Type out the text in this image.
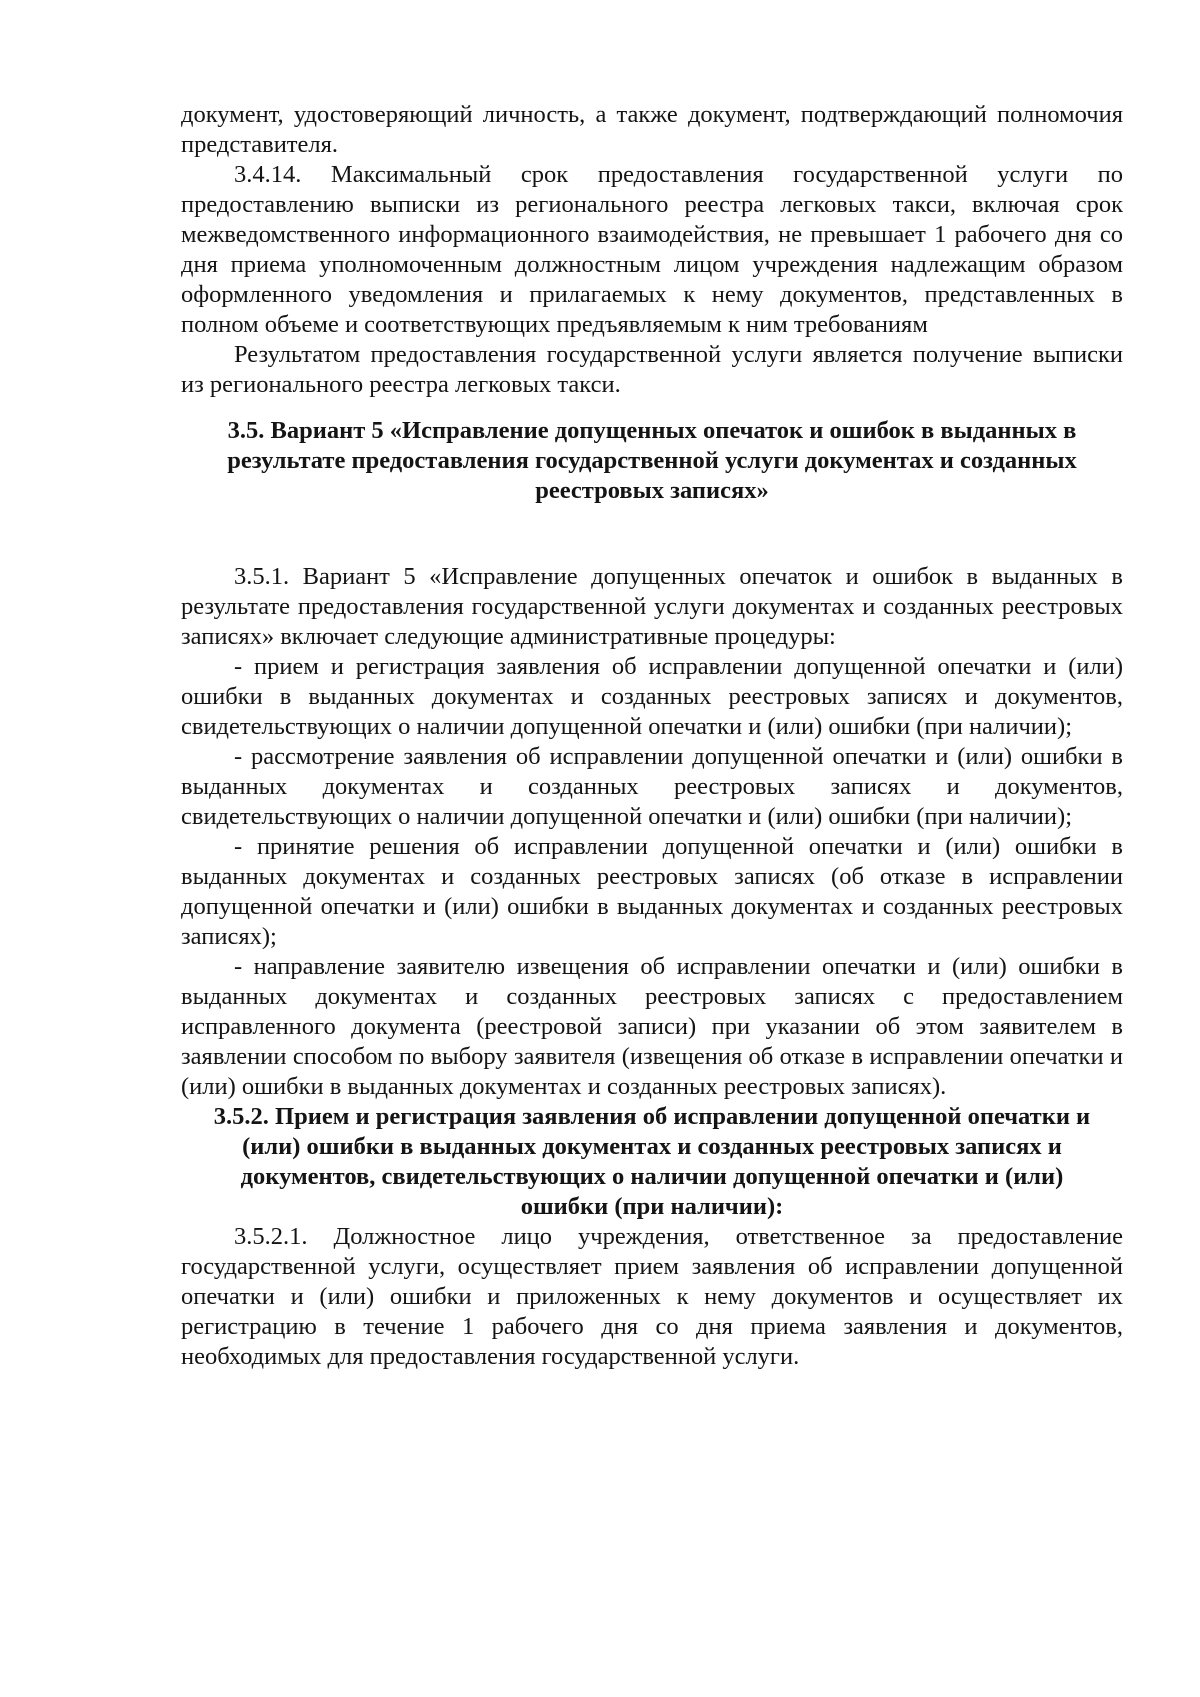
документ, удостоверяющий личность, а также документ, подтверждающий полномочия представителя.

3.4.14. Максимальный срок предоставления государственной услуги по предоставлению выписки из регионального реестра легковых такси, включая срок межведомственного информационного взаимодействия, не превышает 1 рабочего дня со дня приема уполномоченным должностным лицом учреждения надлежащим образом оформленного уведомления и прилагаемых к нему документов, представленных в полном объеме и соответствующих предъявляемым к ним требованиям

Результатом предоставления государственной услуги является получение выписки из регионального реестра легковых такси.

3.5. Вариант 5 «Исправление допущенных опечаток и ошибок в выданных в результате предоставления государственной услуги документах и созданных реестровых записях»

3.5.1. Вариант 5 «Исправление допущенных опечаток и ошибок в выданных в результате предоставления государственной услуги документах и созданных реестровых записях» включает следующие административные процедуры:

- прием и регистрация заявления об исправлении допущенной опечатки и (или) ошибки в выданных документах и созданных реестровых записях и документов, свидетельствующих о наличии допущенной опечатки и (или) ошибки (при наличии);

- рассмотрение заявления об исправлении допущенной опечатки и (или) ошибки в выданных документах и созданных реестровых записях и документов, свидетельствующих о наличии допущенной опечатки и (или) ошибки (при наличии);

- принятие решения об исправлении допущенной опечатки и (или) ошибки в выданных документах и созданных реестровых записях (об отказе в исправлении допущенной опечатки и (или) ошибки в выданных документах и созданных реестровых записях);

- направление заявителю извещения об исправлении опечатки и (или) ошибки в выданных документах и созданных реестровых записях с предоставлением исправленного документа (реестровой записи) при указании об этом заявителем в заявлении способом по выбору заявителя (извещения об отказе в исправлении опечатки и (или) ошибки в выданных документах и созданных реестровых записях).

3.5.2. Прием и регистрация заявления об исправлении допущенной опечатки и (или) ошибки в выданных документах и созданных реестровых записях и документов, свидетельствующих о наличии допущенной опечатки и (или) ошибки (при наличии):

3.5.2.1. Должностное лицо учреждения, ответственное за предоставление государственной услуги, осуществляет прием заявления об исправлении допущенной опечатки и (или) ошибки и приложенных к нему документов и осуществляет их регистрацию в течение 1 рабочего дня со дня приема заявления и документов, необходимых для предоставления государственной услуги.
